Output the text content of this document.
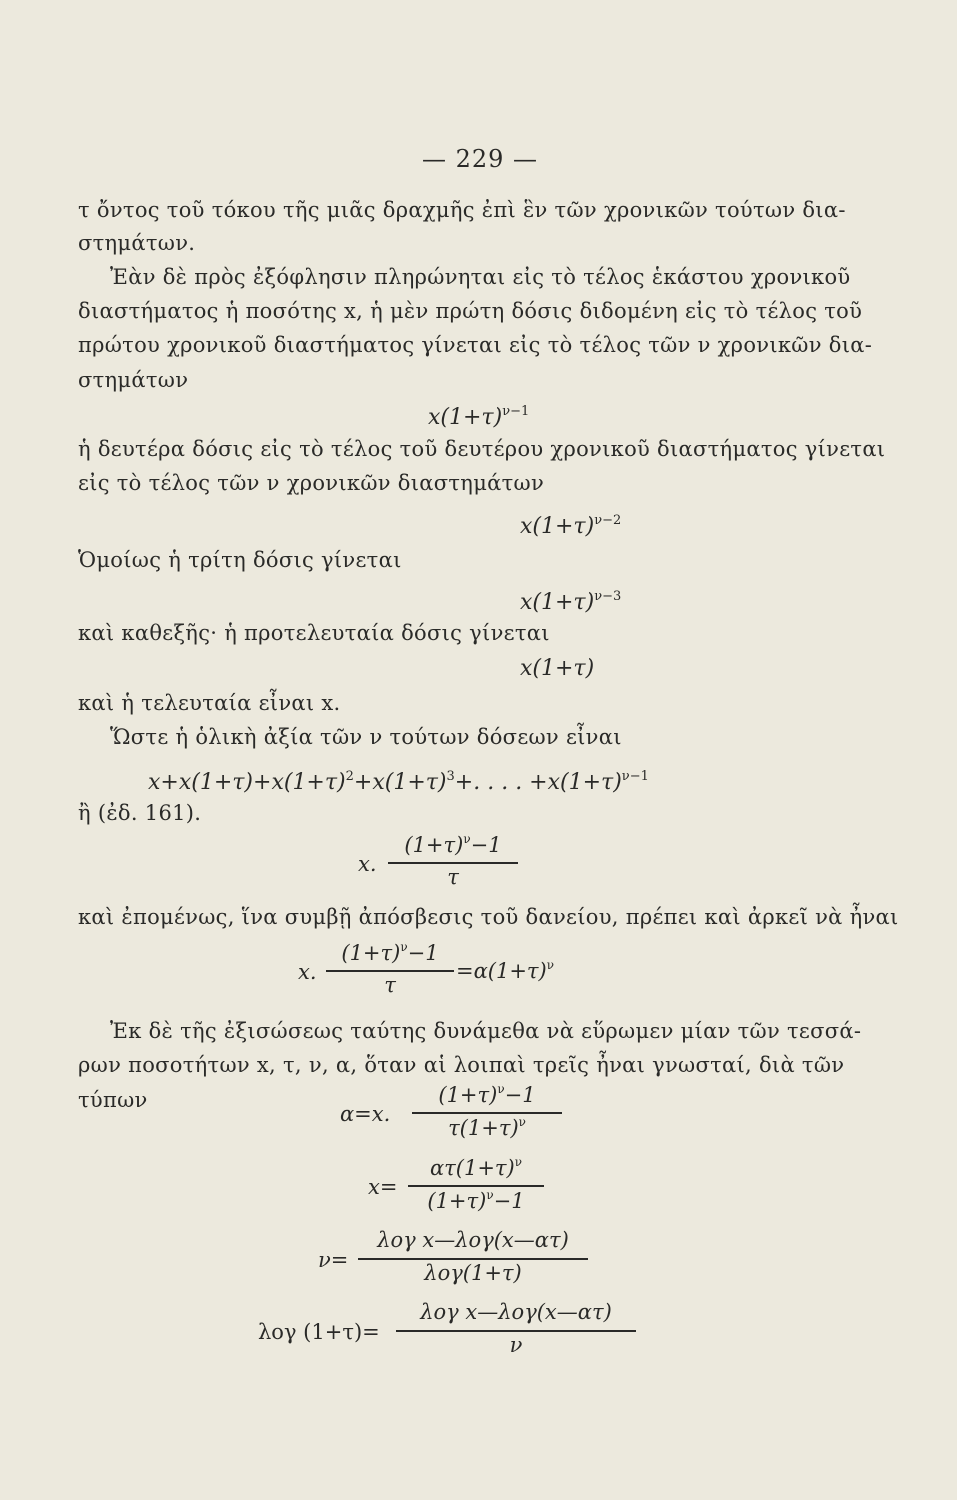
— 229 —
τ ὄντος τοῦ τόκου τῆς μιᾶς δραχμῆς ἐπὶ ἓν τῶν χρονικῶν τούτων δια-
στημάτων.
Ἐὰν δὲ πρὸς ἐξόφλησιν πληρώνηται εἰς τὸ τέλος ἑκάστου χρονικοῦ
διαστήματος ἡ ποσότης x, ἡ μὲν πρώτη δόσις διδομένη εἰς τὸ τέλος τοῦ
πρώτου χρονικοῦ διαστήματος γίνεται εἰς τὸ τέλος τῶν ν χρονικῶν δια-
στημάτων
$x(1+\tau)^{\nu-1}$
ἡ δευτέρα δόσις εἰς τὸ τέλος τοῦ δευτέρου χρονικοῦ διαστήματος γίνεται
εἰς τὸ τέλος τῶν ν χρονικῶν διαστημάτων
$x(1+\tau)^{\nu-2}$
Ὁμοίως ἡ τρίτη δόσις γίνεται
$x(1+\tau)^{\nu-3}$
καὶ καθεξῆς· ἡ προτελευταία δόσις γίνεται
x(1+τ)
καὶ ἡ τελευταία εἶναι x.
Ὥστε ἡ ὁλικὴ ἀξία τῶν ν τούτων δόσεων εἶναι
$x+x(1+\tau)+x(1+\tau)^2+x(1+\tau)^3+$. . . . $+x(1+\tau)^{\nu-1}$
ἢ (ἐδ. 161).
x.
$(1+\tau)^\nu-1$
τ
καὶ ἐπομένως, ἵνα συμβῇ ἀπόσβεσις τοῦ δανείου, πρέπει καὶ ἀρκεῖ νὰ ἦναι
x.
$(1+\tau)^\nu-1$
τ
$=\alpha(1+\tau)^\nu$
Ἐκ δὲ τῆς ἐξισώσεως ταύτης δυνάμεθα νὰ εὕρωμεν μίαν τῶν τεσσά-
ρων ποσοτήτων x, τ, ν, α, ὅταν αἱ λοιπαὶ τρεῖς ἦναι γνωσταί, διὰ τῶν
τύπων
α=x.
$(1+\tau)^\nu-1$
$\tau(1+\tau)^\nu$
x=
$\alpha\tau(1+\tau)^\nu$
$(1+\tau)^\nu-1$
ν=
λογ x—λογ(x—ατ)
λογ(1+τ)
λογ (1+τ)=
λογ x—λογ(x—ατ)
ν
